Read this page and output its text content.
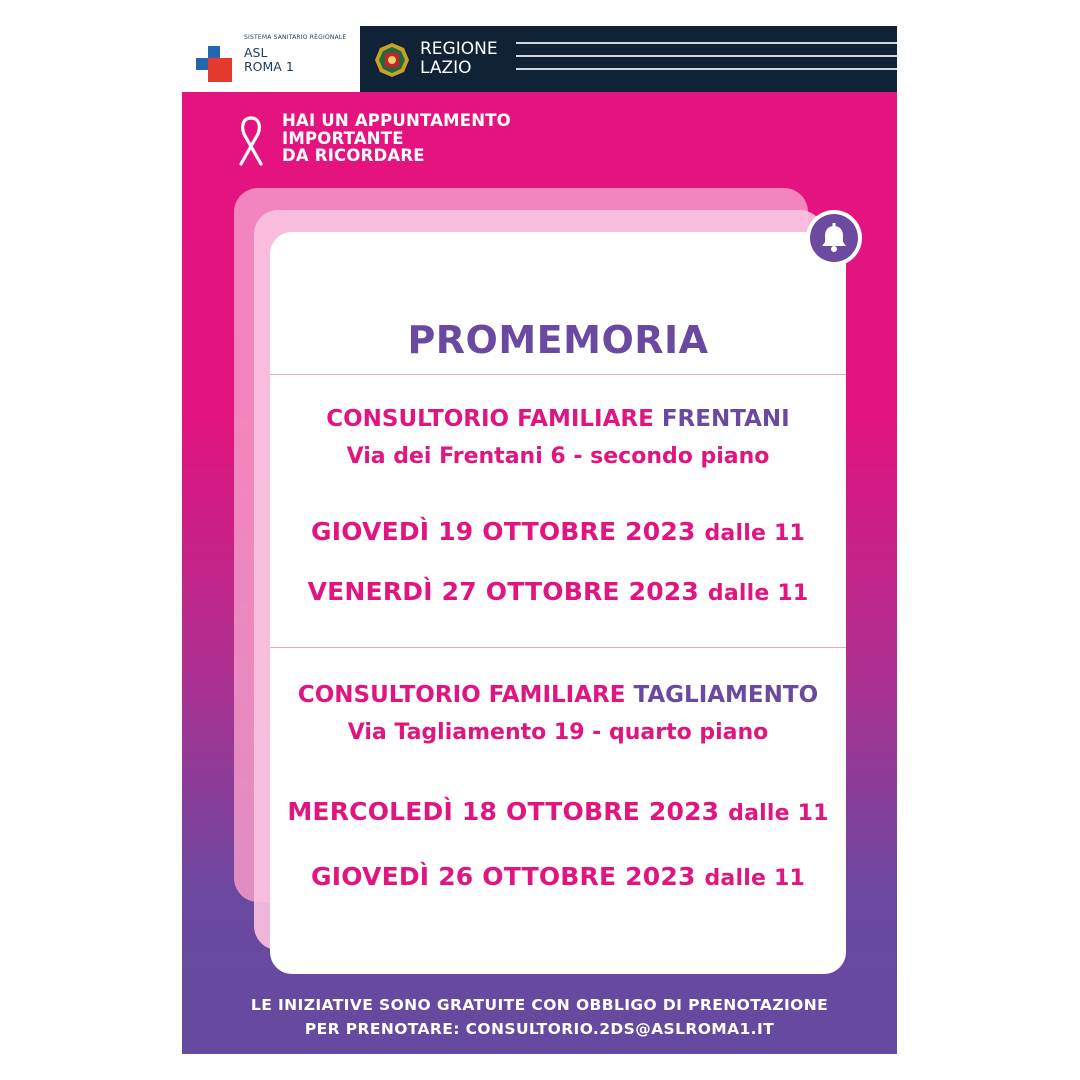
SISTEMA SANITARIO REGIONALE
ASL
ROMA 1
REGIONE
LAZIO
HAI UN APPUNTAMENTO
IMPORTANTE
DA RICORDARE
PROMEMORIA
CONSULTORIO FAMILIARE FRENTANI
Via dei Frentani 6 - secondo piano
GIOVEDÌ 19 OTTOBRE 2023 dalle 11
VENERDÌ 27 OTTOBRE 2023 dalle 11
CONSULTORIO FAMILIARE TAGLIAMENTO
Via Tagliamento 19 - quarto piano
MERCOLEDÌ 18 OTTOBRE 2023 dalle 11
GIOVEDÌ 26 OTTOBRE 2023 dalle 11
LE INIZIATIVE SONO GRATUITE CON OBBLIGO DI PRENOTAZIONE
PER PRENOTARE: CONSULTORIO.2DS@ASLROMA1.IT
